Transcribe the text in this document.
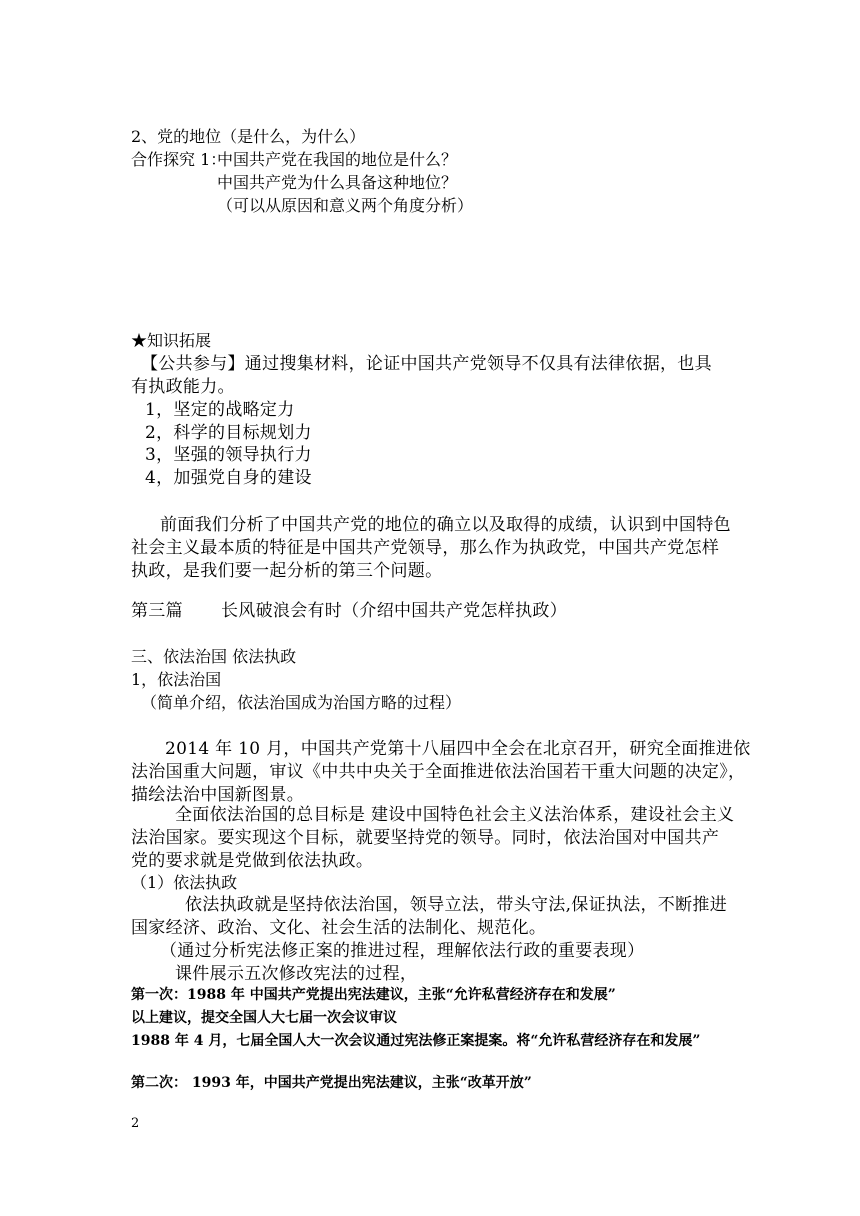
2、党的地位（是什么，为什么）
合作探究 1：
中国共产党在我国的地位是什么？
中国共产党为什么具备这种地位？
（可以从原因和意义两个角度分析）
★知识拓展
【公共参与】通过搜集材料，论证中国共产党领导不仅具有法律依据，也具
有执政能力。
1，坚定的战略定力
2，科学的目标规划力
3，坚强的领导执行力
4，加强党自身的建设
前面我们分析了中国共产党的地位的确立以及取得的成绩，认识到中国特色
社会主义最本质的特征是中国共产党领导，那么作为执政党，中国共产党怎样
执政，是我们要一起分析的第三个问题。
第三篇 长风破浪会有时（介绍中国共产党怎样执政）
三、依法治国 依法执政
1，依法治国
（简单介绍，依法治国成为治国方略的过程）
2014 年 10 月，中国共产党第十八届四中全会在北京召开，研究全面推进依
法治国重大问题，审议《中共中央关于全面推进依法治国若干重大问题的决定》，
描绘法治中国新图景。
全面依法治国的总目标是 建设中国特色社会主义法治体系，建设社会主义
法治国家。要实现这个目标，就要坚持党的领导。同时，依法治国对中国共产
党的要求就是党做到依法执政。
（1）依法执政
依法执政就是坚持依法治国，领导立法，带头守法,保证执法，不断推进
国家经济、政治、文化、社会生活的法制化、规范化。
（通过分析宪法修正案的推进过程，理解依法行政的重要表现）
课件展示五次修改宪法的过程，
第一次：1988 年 中国共产党提出宪法建议，主张“允许私营经济存在和发展”
以上建议，提交全国人大七届一次会议审议
1988 年 4 月，七届全国人大一次会议通过宪法修正案提案。将“允许私营经济存在和发展”
第二次： 1993 年，中国共产党提出宪法建议，主张“改革开放”
2
